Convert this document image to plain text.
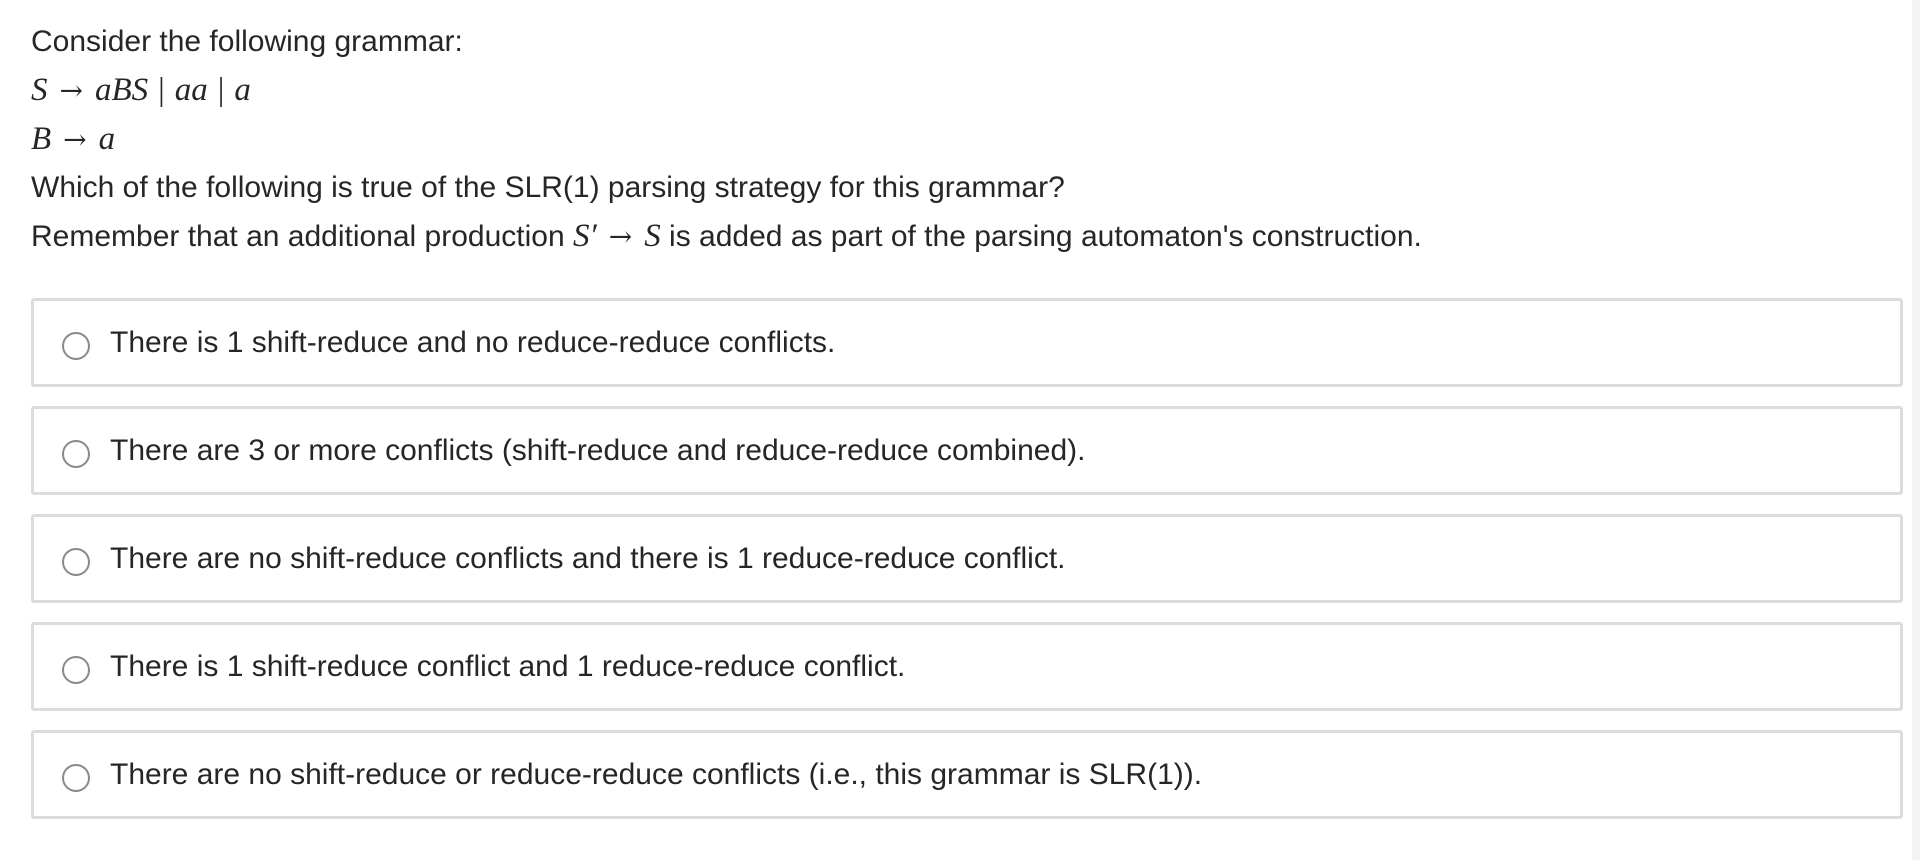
Consider the following grammar:
S → aBS | aa | a
B → a
Which of the following is true of the SLR(1) parsing strategy for this grammar?
Remember that an additional production S′ → S is added as part of the parsing automaton's construction.
There is 1 shift-reduce and no reduce-reduce conflicts.
There are 3 or more conflicts (shift-reduce and reduce-reduce combined).
There are no shift-reduce conflicts and there is 1 reduce-reduce conflict.
There is 1 shift-reduce conflict and 1 reduce-reduce conflict.
There are no shift-reduce or reduce-reduce conflicts (i.e., this grammar is SLR(1)).
